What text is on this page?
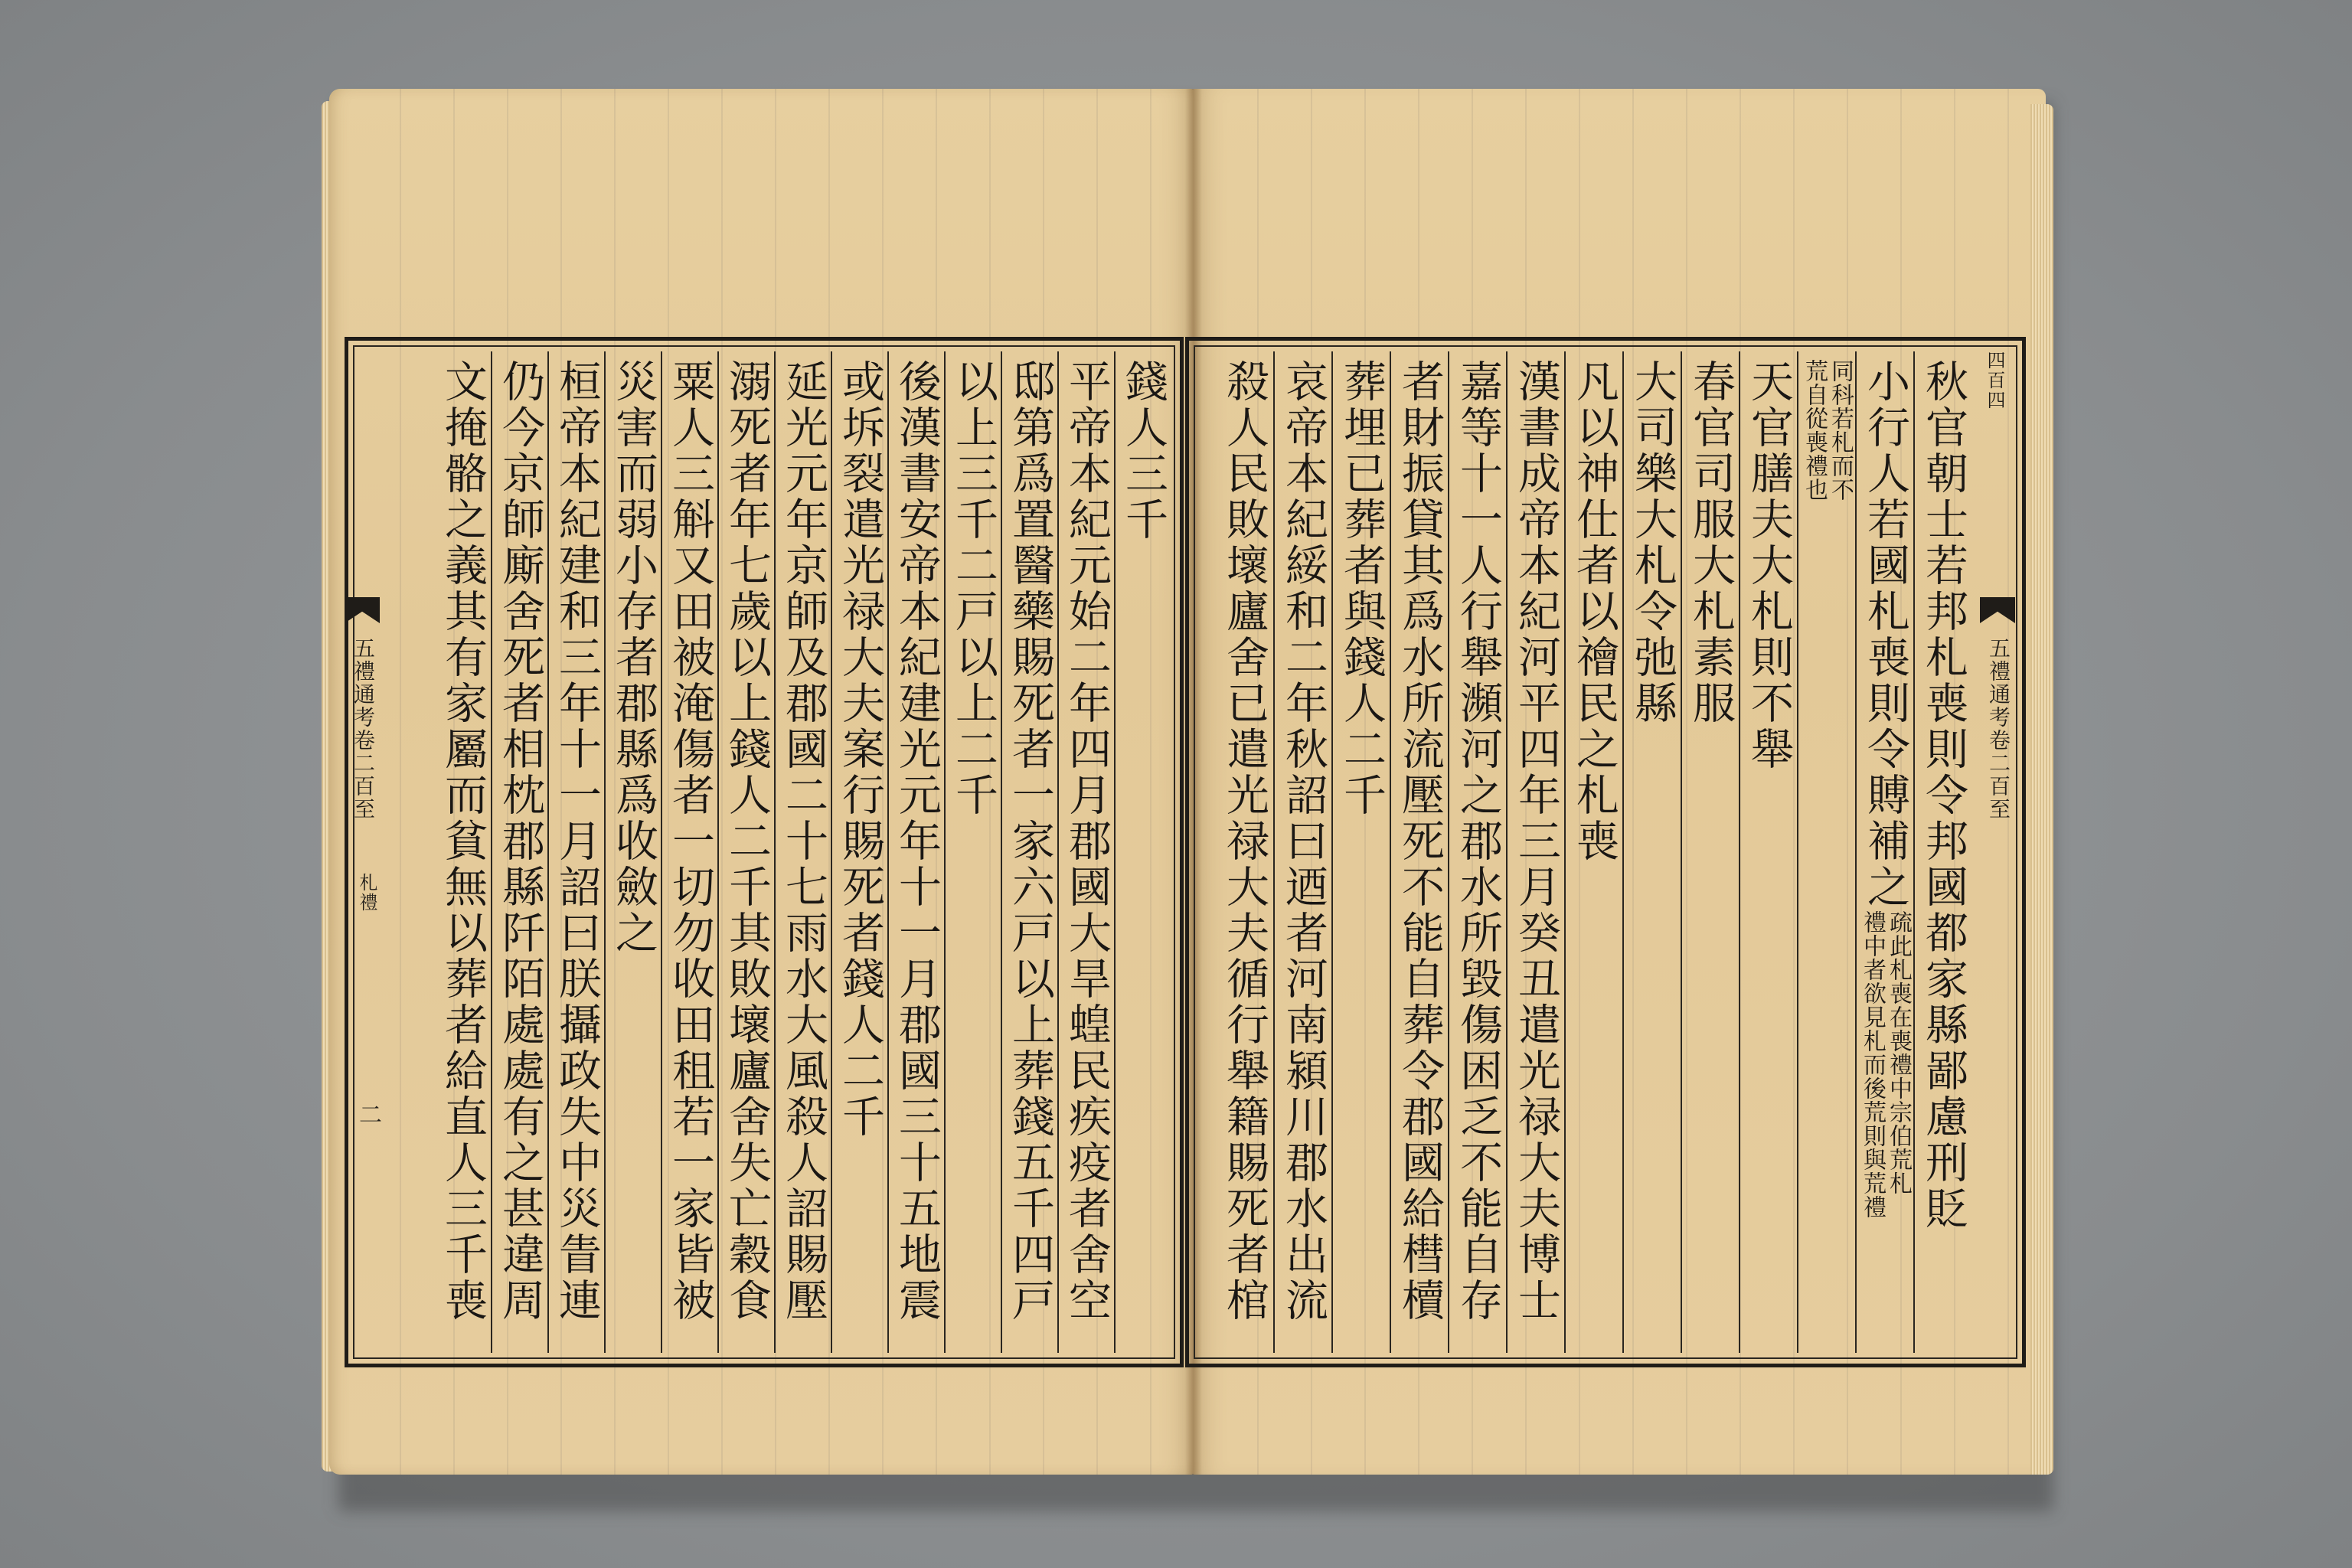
錢人三千
平帝本紀元始二年四月郡國大旱蝗民疾疫者舍空
邸第爲置醫藥賜死者一家六戸以上葬錢五千四戸
以上三千二戸以上二千
後漢書安帝本紀建光元年十一月郡國三十五地震
或坼裂遣光禄大夫案行賜死者錢人二千
延光元年京師及郡國二十七雨水大風殺人詔賜壓
溺死者年七歲以上錢人二千其敗壞廬舍失亡穀食
粟人三斛又田被淹傷者一切勿收田租若一家皆被
災害而弱小存者郡縣爲收斂之
桓帝本紀建和三年十一月詔曰朕攝政失中災眚連
仍今京師廝舍死者相枕郡縣阡陌處處有之甚違周
文掩骼之義其有家屬而貧無以葬者給直人三千喪
五禮通考卷二百至
札禮
二	秋官朝士若邦札喪則令邦國都家縣鄙慮刑貶
小行人若國札喪則令賻補之
疏此札喪在喪禮中宗伯荒札
禮中者欲見札而後荒則與荒禮
同科若札而不
荒自從喪禮也
天官膳夫大札則不舉
春官司服大札素服
大司樂大札令弛縣
凡以神仕者以禬民之札喪
漢書成帝本紀河平四年三月癸丑遣光禄大夫博士
嘉等十一人行舉瀕河之郡水所毀傷困乏不能自存
者財振貸其爲水所流壓死不能自葬令郡國給槥櫝
葬埋已葬者與錢人二千
哀帝本紀綏和二年秋詔曰迺者河南潁川郡水出流
殺人民敗壞廬舍已遣光禄大夫循行舉籍賜死者棺	四百四
五禮通考卷二百至
